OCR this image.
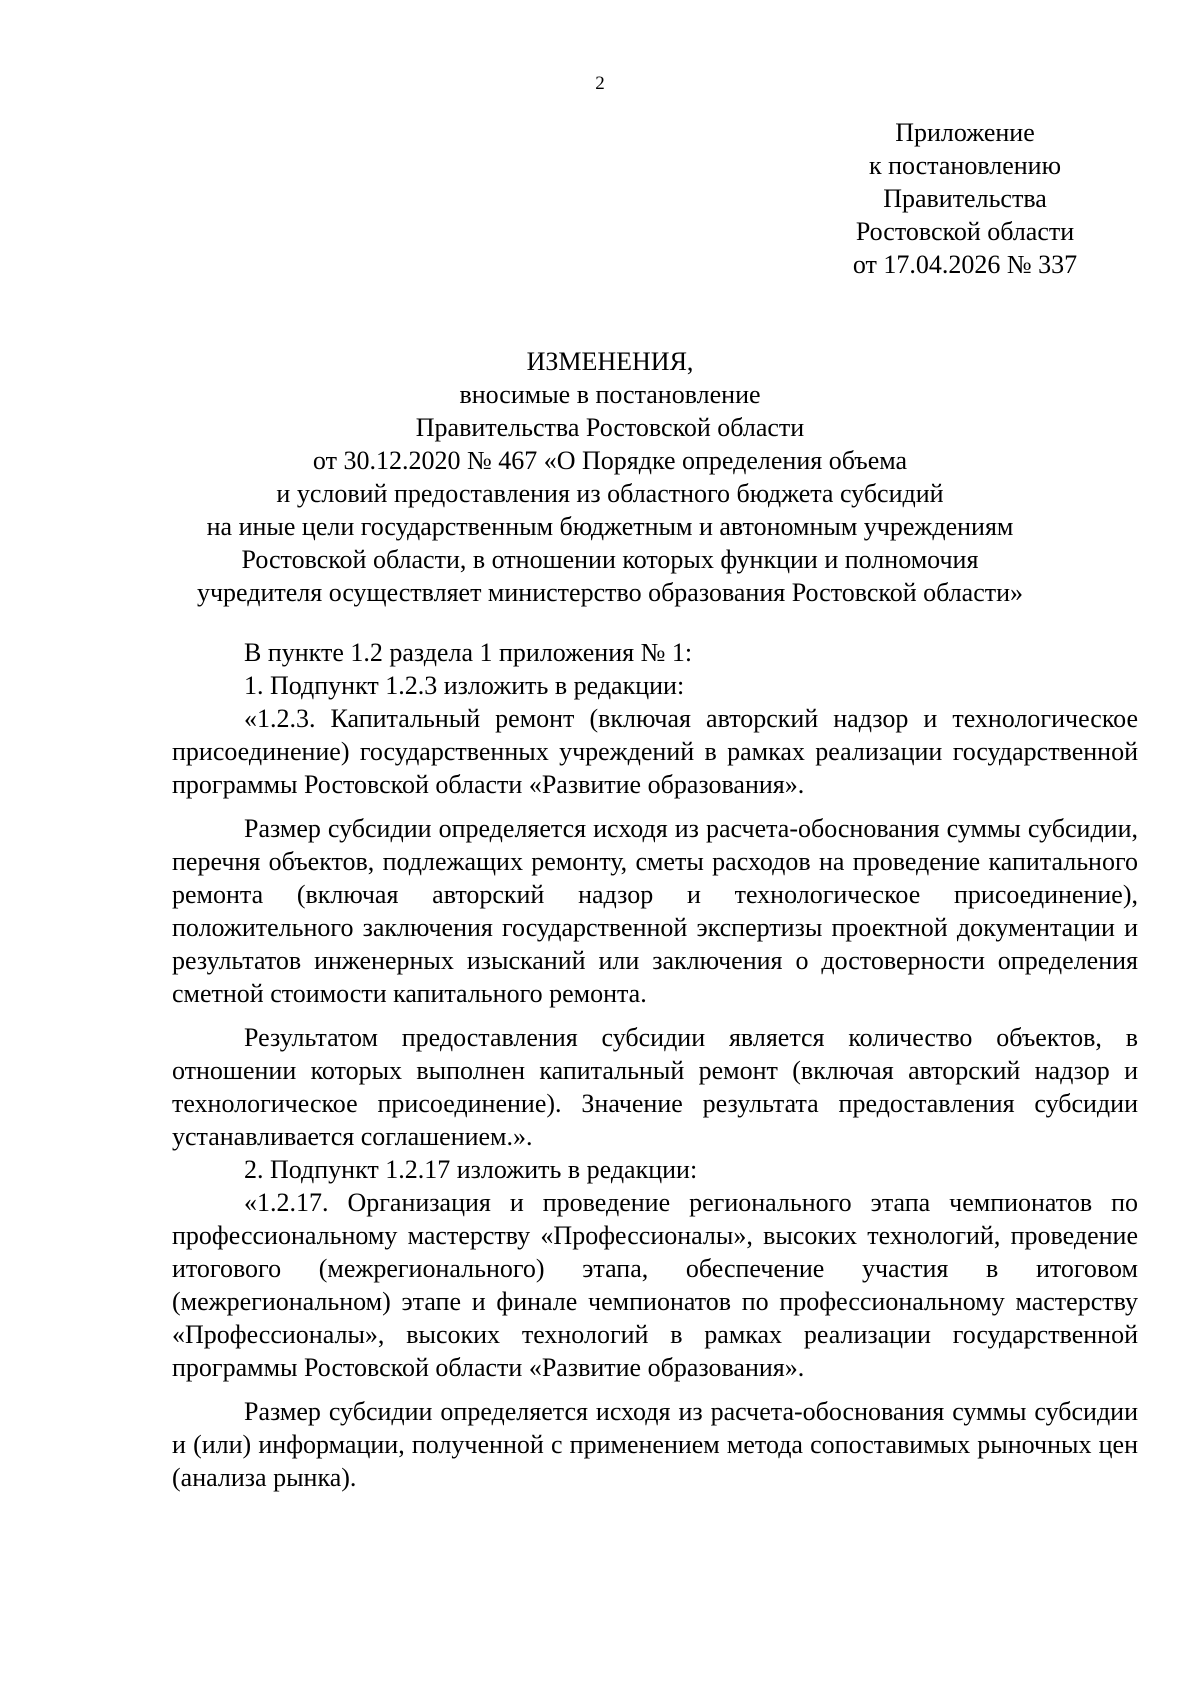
2
Приложение
к постановлению
Правительства
Ростовской области
от 17.04.2026 № 337
ИЗМЕНЕНИЯ,
вносимые в постановление
Правительства Ростовской области
от 30.12.2020 № 467 «О Порядке определения объема
и условий предоставления из областного бюджета субсидий
на иные цели государственным бюджетным и автономным учреждениям
Ростовской области, в отношении которых функции и полномочия
учредителя осуществляет министерство образования Ростовской области»

В пункте 1.2 раздела 1 приложения № 1:

1. Подпункт 1.2.3 изложить в редакции:

«1.2.3. Капитальный ремонт (включая авторский надзор и технологическое присоединение) государственных учреждений в рамках реализации государственной программы Ростовской области «Развитие образования».

Размер субсидии определяется исходя из расчета-обоснования суммы субсидии, перечня объектов, подлежащих ремонту, сметы расходов на проведение капитального ремонта (включая авторский надзор и технологическое присоединение), положительного заключения государственной экспертизы проектной документации и результатов инженерных изысканий или заключения о достоверности определения сметной стоимости капитального ремонта.

Результатом предоставления субсидии является количество объектов, в отношении которых выполнен капитальный ремонт (включая авторский надзор и технологическое присоединение). Значение результата предоставления субсидии устанавливается соглашением.».

2. Подпункт 1.2.17 изложить в редакции:

«1.2.17. Организация и проведение регионального этапа чемпионатов по профессиональному мастерству «Профессионалы», высоких технологий, проведение итогового (межрегионального) этапа, обеспечение участия в итоговом (межрегиональном) этапе и финале чемпионатов по профессиональному мастерству «Профессионалы», высоких технологий в рамках реализации государственной программы Ростовской области «Развитие образования».

Размер субсидии определяется исходя из расчета-обоснования суммы субсидии и (или) информации, полученной с применением метода сопоставимых рыночных цен (анализа рынка).
